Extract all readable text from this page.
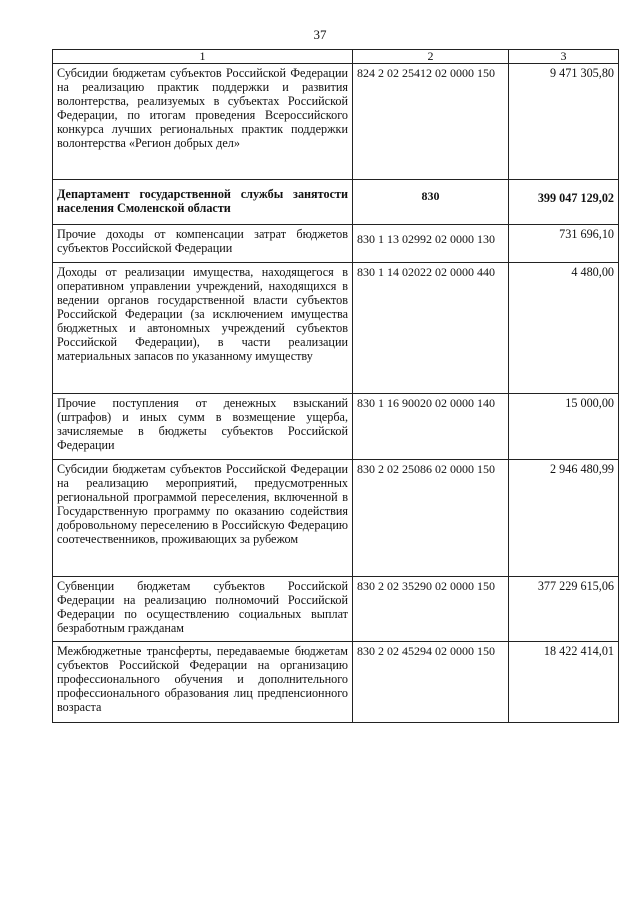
37
1	2	3
Субсидии бюджетам субъектов Российской Федерации на реализацию практик поддержки и развития волонтерства, реализуемых в субъектах Российской Федерации, по итогам проведения Всероссийского конкурса лучших региональных практик поддержки волонтерства «Регион добрых дел»	824 2 02 25412 02 0000 150	9 471 305,80
Департамент государственной службы занятости населения Смоленской области	830	399 047 129,02
Прочие доходы от компенсации затрат бюджетов субъектов Российской Федерации	830 1 13 02992 02 0000 130	731 696,10
Доходы от реализации имущества, находящегося в оперативном управлении учреждений, находящихся в ведении органов государственной власти субъектов Российской Федерации (за исключением имущества бюджетных и автономных учреждений субъектов Российской Федерации), в части реализации материальных запасов по указанному имуществу	830 1 14 02022 02 0000 440	4 480,00
Прочие поступления от денежных взысканий (штрафов) и иных сумм в возмещение ущерба, зачисляемые в бюджеты субъектов Российской Федерации	830 1 16 90020 02 0000 140	15 000,00
Субсидии бюджетам субъектов Российской Федерации на реализацию мероприятий, предусмотренных региональной программой переселения, включенной в Государственную программу по оказанию содействия добровольному переселению в Российскую Федерацию соотечественников, проживающих за рубежом	830 2 02 25086 02 0000 150	2 946 480,99
Субвенции бюджетам субъектов Российской Федерации на реализацию полномочий Российской Федерации по осуществлению социальных выплат безработным гражданам	830 2 02 35290 02 0000 150	377 229 615,06
Межбюджетные трансферты, передаваемые бюджетам субъектов Российской Федерации на организацию профессионального обучения и дополнительного профессионального образования лиц предпенсионного возраста	830 2 02 45294 02 0000 150	18 422 414,01
